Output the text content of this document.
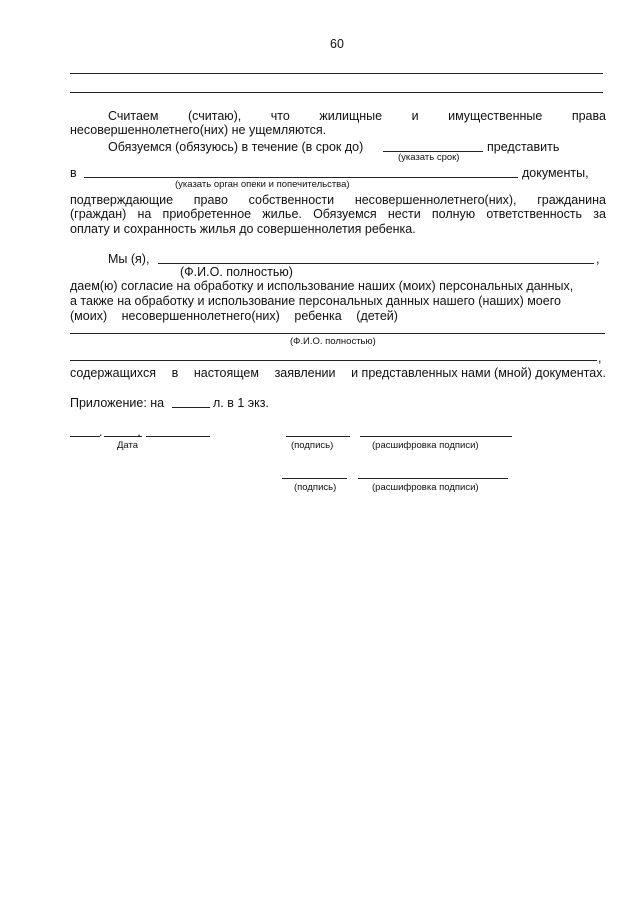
60
Считаем (считаю), что жилищные и имущественные права
несовершеннолетнего(них) не ущемляются.
Обязуемся (обязуюсь) в течение (в срок до)	представить
(указать срок)
в	документы,
(указать орган опеки и попечительства)
подтверждающие право собственности несовершеннолетнего(них), гражданина
(граждан) на приобретенное жилье. Обязуемся нести полную ответственность за
оплату и сохранность жилья до совершеннолетия ребенка.
Мы (я),	,
(Ф.И.О. полностью)
даем(ю) согласие на обработку и использование наших (моих) персональных данных,
а также на обработку и использование персональных данных нашего (наших) моего
(моих) несовершеннолетнего(них) ребенка (детей)
(Ф.И.О. полностью)
,
содержащихся в настоящем заявлении и представленных нами (мной) документах.
Приложение: на	л. в 1 экз.
.          .
Дата	(подпись)	(расшифровка подписи)
(подпись)	(расшифровка подписи)
